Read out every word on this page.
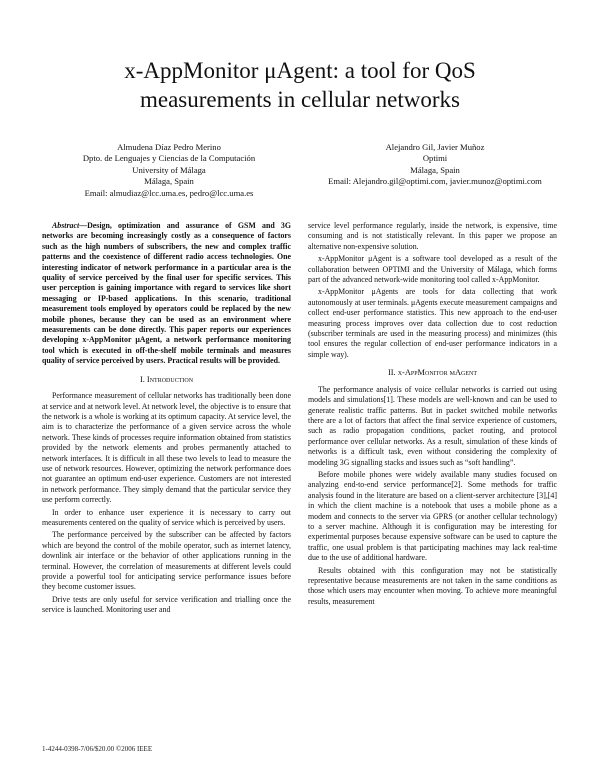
x-AppMonitor μAgent: a tool for QoS
measurements in cellular networks
Almudena Díaz Pedro Merino
Dpto. de Lenguajes y Ciencias de la Computación
University of Málaga
Málaga, Spain
Email: almudiaz@lcc.uma.es, pedro@lcc.uma.es
Alejandro Gil, Javier Muñoz
Optimi
Málaga, Spain
Email: Alejandro.gil@optimi.com, javier.munoz@optimi.com

Abstract—Design, optimization and assurance of GSM and 3G networks are becoming increasingly costly as a consequence of factors such as the high numbers of subscribers, the new and complex traffic patterns and the coexistence of different radio access technologies. One interesting indicator of network performance in a particular area is the quality of service perceived by the final user for specific services. This user perception is gaining importance with regard to services like short messaging or IP-based applications. In this scenario, traditional measurement tools employed by operators could be replaced by the new mobile phones, because they can be used as an environment where measurements can be done directly. This paper reports our experiences developing x-AppMonitor μAgent, a network performance monitoring tool which is executed in off-the-shelf mobile terminals and measures quality of service perceived by users. Practical results will be provided.

I. Introduction

Performance measurement of cellular networks has traditionally been done at service and at network level. At network level, the objective is to ensure that the network is a whole is working at its optimum capacity. At service level, the aim is to characterize the performance of a given service across the whole network. These kinds of processes require information obtained from statistics provided by the network elements and probes permanently attached to network interfaces. It is difficult in all these two levels to lead to measure the use of network resources. However, optimizing the network performance does not guarantee an optimum end-user experience. Customers are not interested in network performance. They simply demand that the particular service they use perform correctly.

In order to enhance user experience it is necessary to carry out measurements centered on the quality of service which is perceived by users.

The performance perceived by the subscriber can be affected by factors which are beyond the control of the mobile operator, such as internet latency, downlink air interface or the behavior of other applications running in the terminal. However, the correlation of measurements at different levels could provide a powerful tool for anticipating service performance issues before they become customer issues.

Drive tests are only useful for service verification and trialling once the service is launched. Monitoring user and

service level performance regularly, inside the network, is expensive, time consuming and is not statistically relevant. In this paper we propose an alternative non-expensive solution.

x-AppMonitor μAgent is a software tool developed as a result of the collaboration between OPTIMI and the University of Málaga, which forms part of the advanced network-wide monitoring tool called x-AppMonitor.

x-AppMonitor μAgents are tools for data collecting that work autonomously at user terminals. μAgents execute measurement campaigns and collect end-user performance statistics. This new approach to the end-user measuring process improves over data collection due to cost reduction (subscriber terminals are used in the measuring process) and minimizes (this tool ensures the regular collection of end-user performance indicators in a simple way).

II. x-AppMonitor μAgent

The performance analysis of voice cellular networks is carried out using models and simulations[1]. These models are well-known and can be used to generate realistic traffic patterns. But in packet switched mobile networks there are a lot of factors that affect the final service experience of customers, such as radio propagation conditions, packet routing, and protocol performance over cellular networks. As a result, simulation of these kinds of networks is a difficult task, even without considering the complexity of modeling 3G signalling stacks and issues such as “soft handling”.

Before mobile phones were widely available many studies focused on analyzing end-to-end service performance[2]. Some methods for traffic analysis found in the literature are based on a client-server architecture [3],[4] in which the client machine is a notebook that uses a mobile phone as a modem and connects to the server via GPRS (or another cellular technology) to a server machine. Although it is configuration may be interesting for experimental purposes because expensive software can be used to capture the traffic, one usual problem is that participating machines may lack real-time due to the use of additional hardware.

Results obtained with this configuration may not be statistically representative because measurements are not taken in the same conditions as those which users may encounter when moving. To achieve more meaningful results, measurement

1-4244-0398-7/06/$20.00 ©2006 IEEE
